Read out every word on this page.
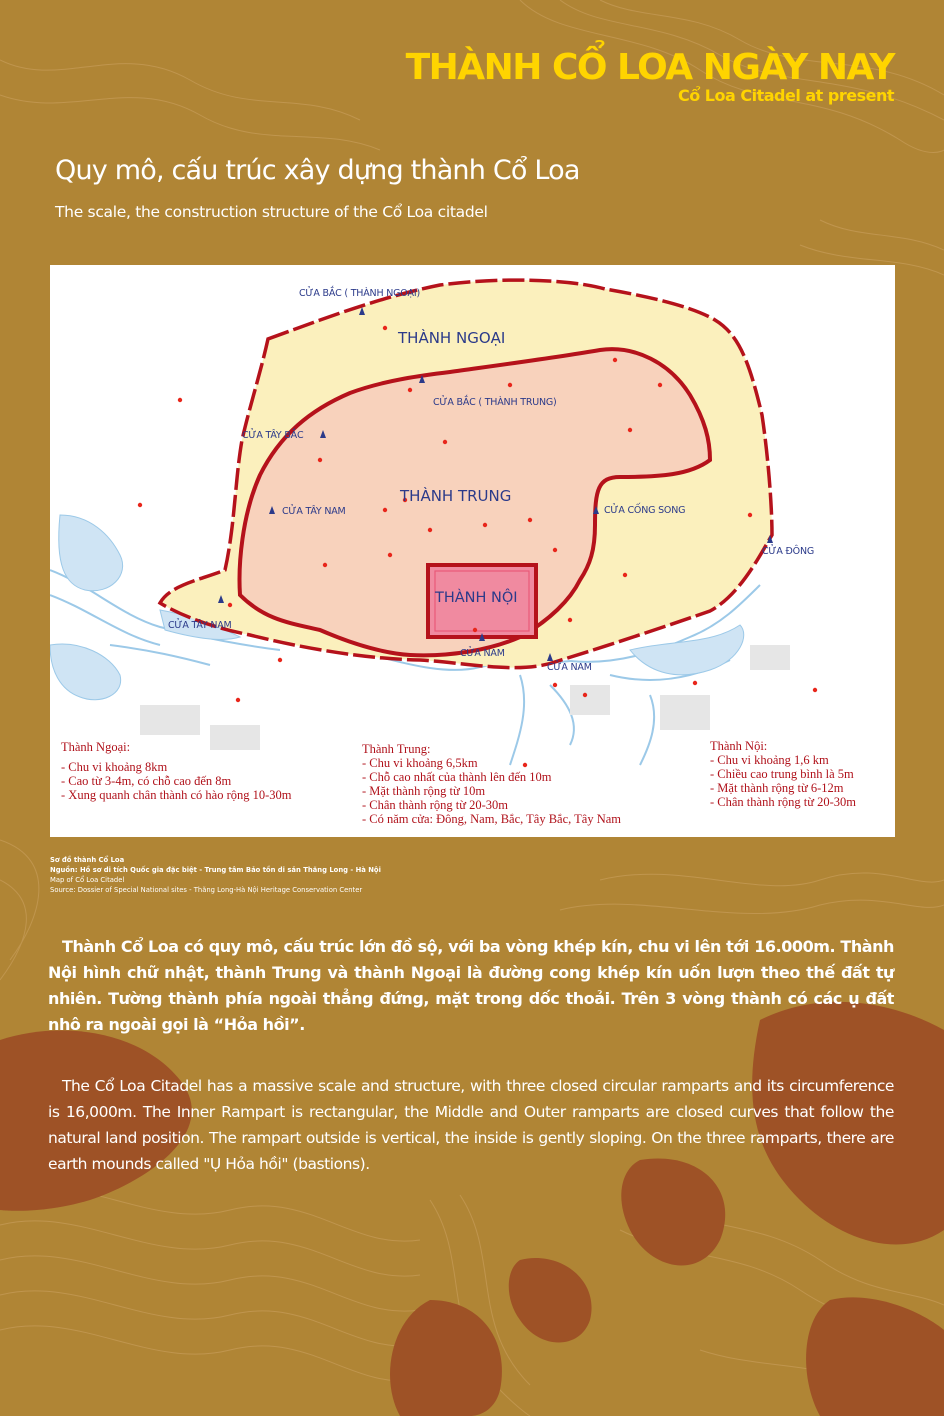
THÀNH CỔ LOA NGÀY NAY
Cổ Loa Citadel at present
Quy mô, cấu trúc xây dựng thành Cổ Loa
The scale, the construction structure of the Cổ Loa citadel
THÀNH NGOẠI
THÀNH TRUNG
THÀNH NỘI
CỬA BẮC ( THÀNH NGOẠI)
CỬA BẮC ( THÀNH TRUNG)
CỬA TÂY BẮC
CỬA TÂY NAM	CỬA CỐNG SONG
CỬA ĐÔNG
CỬA TÂY NAM
CỬA NAM
CỬA NAM
Thành Ngoại:
- Chu vi khoảng 8km
- Cao từ 3-4m, có chỗ cao đến 8m
- Xung quanh chân thành có hào rộng 10-30m
Thành Trung:
- Chu vi khoảng 6,5km
- Chỗ cao nhất của thành lên đến 10m
- Mặt thành rộng từ 10m
- Chân thành rộng từ 20-30m
- Có năm cửa: Đông, Nam, Bắc, Tây Bắc, Tây Nam
Thành Nội:
- Chu vi khoảng 1,6 km
- Chiều cao trung bình là 5m
- Mặt thành rộng từ 6-12m
- Chân thành rộng từ 20-30m
Sơ đồ thành Cổ Loa
Nguồn: Hồ sơ di tích Quốc gia đặc biệt - Trung tâm Bảo tồn di sản Thăng Long - Hà Nội
Map of Cổ Loa Citadel
Source: Dossier of Special National sites - Thăng Long-Hà Nội Heritage Conservation Center
Thành Cổ Loa có quy mô, cấu trúc lớn đồ sộ, với ba vòng khép kín, chu vi lên tới 16.000m. Thành Nội hình chữ nhật, thành Trung và thành Ngoại là đường cong khép kín uốn lượn theo thế đất tự nhiên. Tường thành phía ngoài thẳng đứng, mặt trong dốc thoải. Trên 3 vòng thành có các ụ đất nhô ra ngoài gọi là “Hỏa hồi”.
The Cổ Loa Citadel has a massive scale and structure, with three closed circular ramparts and its circumference is 16,000m. The Inner Rampart is rectangular, the Middle and Outer ramparts are closed curves that follow the natural land position. The rampart outside is vertical, the inside is gently sloping. On the three ramparts, there are earth mounds called "Ụ Hỏa hồi" (bastions).
